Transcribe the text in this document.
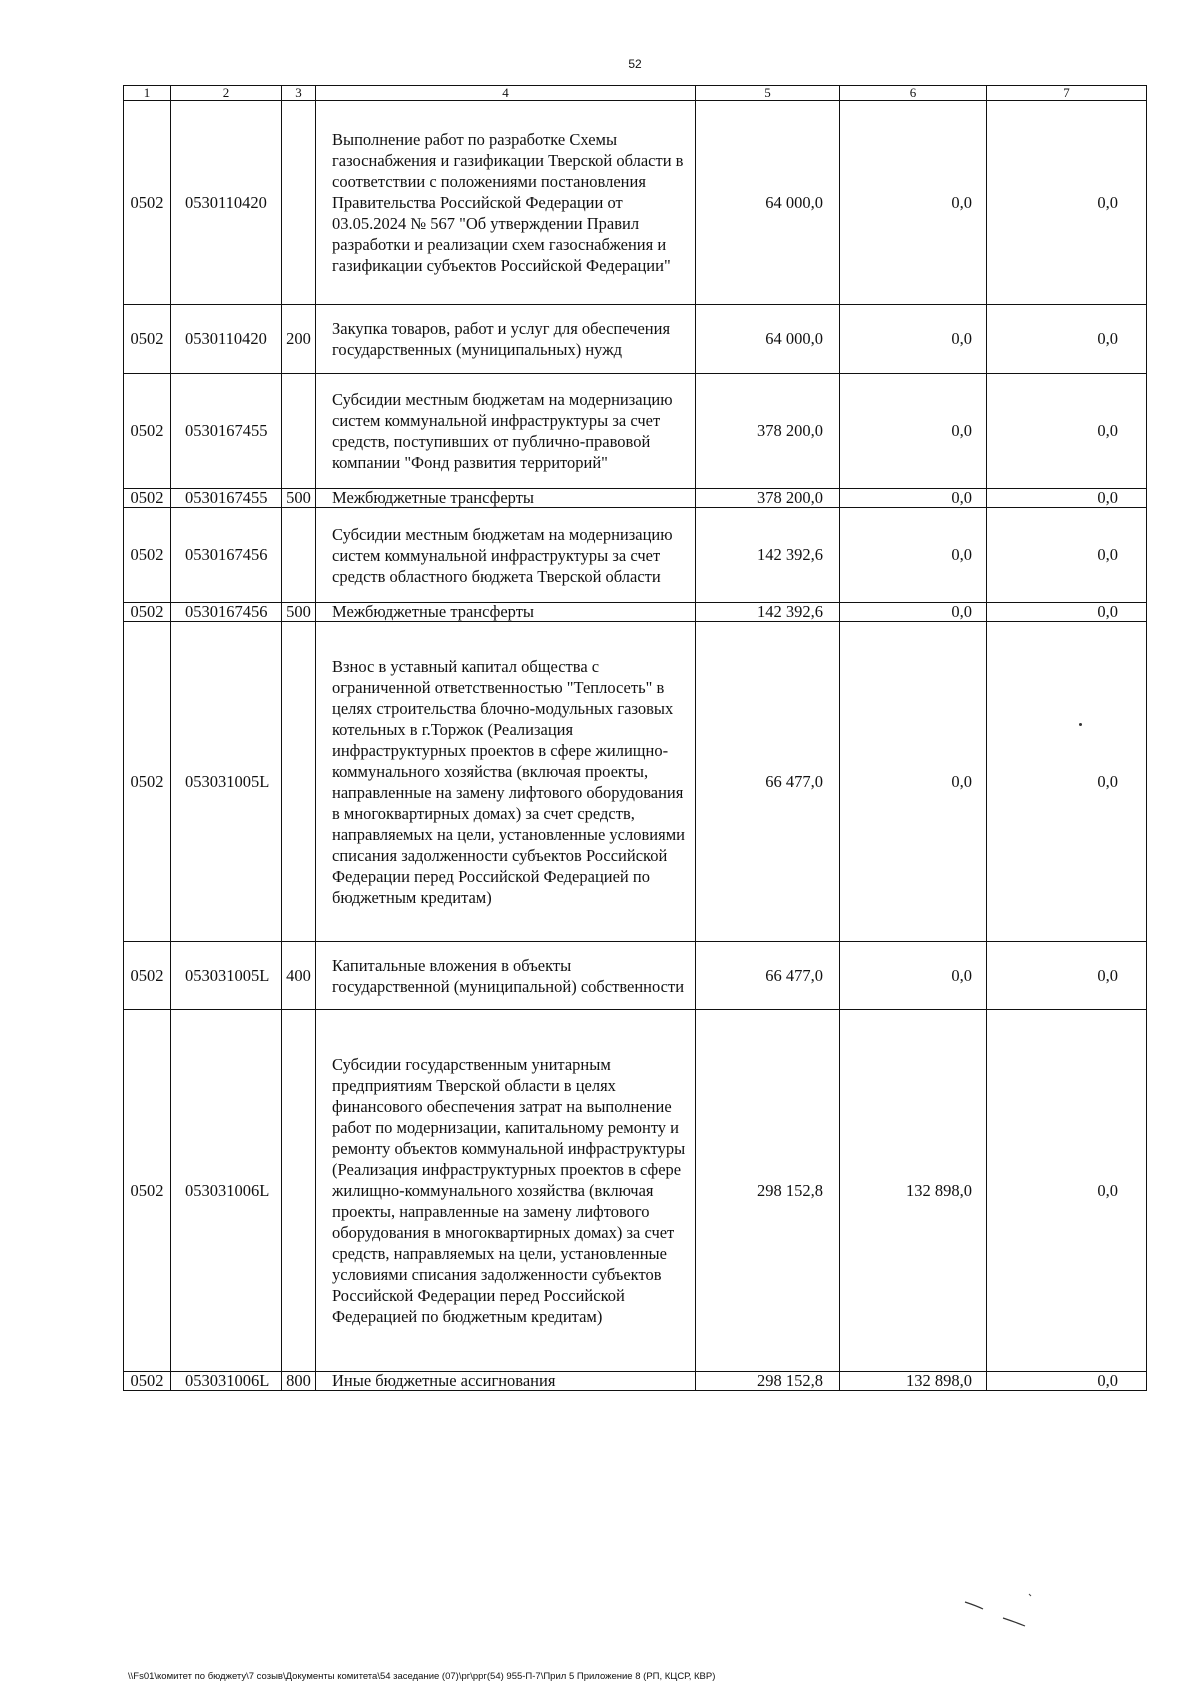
52
1	2	3	4	5	6	7
0502	0530110420		Выполнение работ по разработке Схемы газоснабжения и газификации Тверской области в соответствии с положениями постановления Правительства Российской Федерации от 03.05.2024 № 567 "Об утверждении Правил разработки и реализации схем газоснабжения и газификации субъектов Российской Федерации"	64 000,0	0,0	0,0
0502	0530110420	200	Закупка товаров, работ и услуг для обеспечения государственных (муниципальных) нужд	64 000,0	0,0	0,0
0502	0530167455		Субсидии местным бюджетам на модернизацию систем коммунальной инфраструктуры за счет средств, поступивших от публично-правовой компании "Фонд развития территорий"	378 200,0	0,0	0,0
0502	0530167455	500	Межбюджетные трансферты	378 200,0	0,0	0,0
0502	0530167456		Субсидии местным бюджетам на модернизацию систем коммунальной инфраструктуры за счет средств областного бюджета Тверской области	142 392,6	0,0	0,0
0502	0530167456	500	Межбюджетные трансферты	142 392,6	0,0	0,0
0502	053031005L		Взнос в уставный капитал общества с ограниченной ответственностью "Теплосеть" в целях строительства блочно-модульных газовых котельных в г.Торжок (Реализация инфраструктурных проектов в сфере жилищно-коммунального хозяйства (включая проекты, направленные на замену лифтового оборудования в многоквартирных домах) за счет средств, направляемых на цели, установленные условиями списания задолженности субъектов Российской Федерации перед Российской Федерацией по бюджетным кредитам)	66 477,0	0,0	0,0
0502	053031005L	400	Капитальные вложения в объекты государственной (муниципальной) собственности	66 477,0	0,0	0,0
0502	053031006L		Субсидии государственным унитарным предприятиям Тверской области в целях финансового обеспечения затрат на выполнение работ по модернизации, капитальному ремонту и ремонту объектов коммунальной инфраструктуры (Реализация инфраструктурных проектов в сфере жилищно-коммунального хозяйства (включая проекты, направленные на замену лифтового оборудования в многоквартирных домах) за счет средств, направляемых на цели, установленные условиями списания задолженности субъектов Российской Федерации перед Российской Федерацией по бюджетным кредитам)	298 152,8	132 898,0	0,0
0502	053031006L	800	Иные бюджетные ассигнования	298 152,8	132 898,0	0,0
\\Fs01\комитет по бюджету\7 созыв\Документы комитета\54 заседание (07)\рг\ррг(54) 955-П-7\Прил 5 Приложение 8 (РП, КЦСР, КВР)
